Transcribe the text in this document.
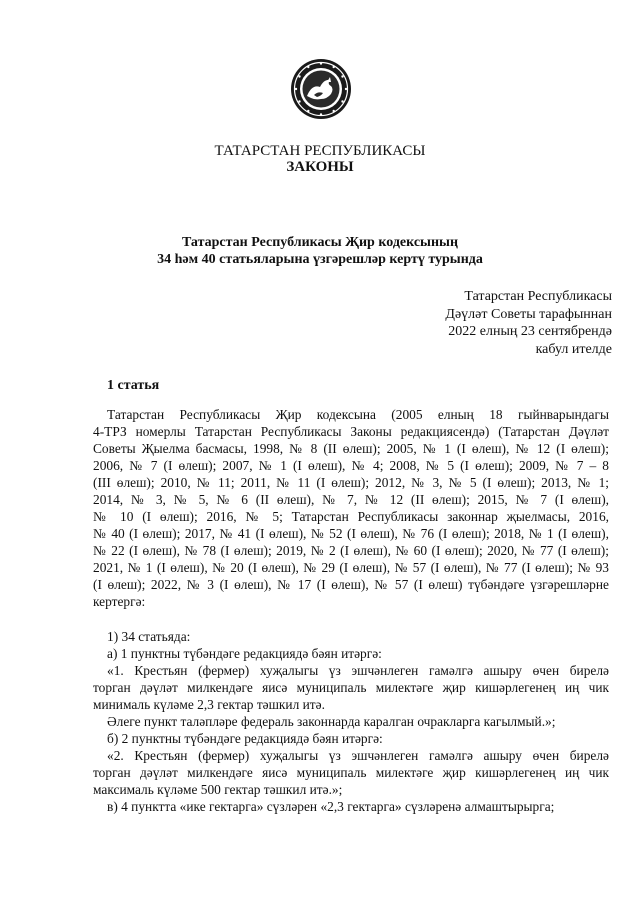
ТАТАРСТАН РЕСПУБЛИКАСЫ
ЗАКОНЫ
Татарстан Республикасы Җир кодексының
34 һәм 40 статьяларына үзгәрешләр кертү турында
Татарстан Республикасы
Дәүләт Советы тарафыннан
2022 елның 23 сентябрендә
кабул ителде
1 статья
Татарстан Республикасы Җир кодексына (2005 елның 18 гыйнварындагы
4-ТРЗ номерлы Татарстан Республикасы Законы редакциясендә) (Татарстан Дәүләт
Советы Җыелма басмасы, 1998, № 8 (II өлеш); 2005, № 1 (I өлеш), № 12 (I өлеш);
2006, № 7 (I өлеш); 2007, № 1 (I өлеш), № 4; 2008, № 5 (I өлеш); 2009, № 7 – 8
(III өлеш); 2010, № 11; 2011, № 11 (I өлеш); 2012, № 3, № 5 (I өлеш); 2013, № 1;
2014, № 3, № 5, № 6 (II өлеш), № 7, № 12 (II өлеш); 2015, № 7 (I өлеш),
№ 10 (I өлеш); 2016, № 5; Татарстан Республикасы законнар җыелмасы, 2016,
№ 40 (I өлеш); 2017, № 41 (I өлеш), № 52 (I өлеш), № 76 (I өлеш); 2018, № 1 (I өлеш),
№ 22 (I өлеш), № 78 (I өлеш); 2019, № 2 (I өлеш), № 60 (I өлеш); 2020, № 77 (I өлеш);
2021, № 1 (I өлеш), № 20 (I өлеш), № 29 (I өлеш), № 57 (I өлеш), № 77 (I өлеш); № 93
(I өлеш); 2022, № 3 (I өлеш), № 17 (I өлеш), № 57 (I өлеш) түбәндәге үзгәрешләрне
кертергә:
1) 34 статьяда:
а) 1 пунктны түбәндәге редакциядә бәян итәргә:
«1. Крестьян (фермер) хуҗалыгы үз эшчәнлеген гамәлгә ашыру өчен бирелә
торган дәүләт милкендәге яисә муниципаль милектәге җир кишәрлегенең иң чик
минималь күләме 2,3 гектар тәшкил итә.
Әлеге пункт таләпләре федераль законнарда каралган очракларга кагылмый.»;
б) 2 пунктны түбәндәге редакциядә бәян итәргә:
«2. Крестьян (фермер) хуҗалыгы үз эшчәнлеген гамәлгә ашыру өчен бирелә
торган дәүләт милкендәге яисә муниципаль милектәге җир кишәрлегенең иң чик
максималь күләме 500 гектар тәшкил итә.»;
в) 4 пунктта «ике гектарга» сүзләрен «2,3 гектарга» сүзләренә алмаштырырга;
